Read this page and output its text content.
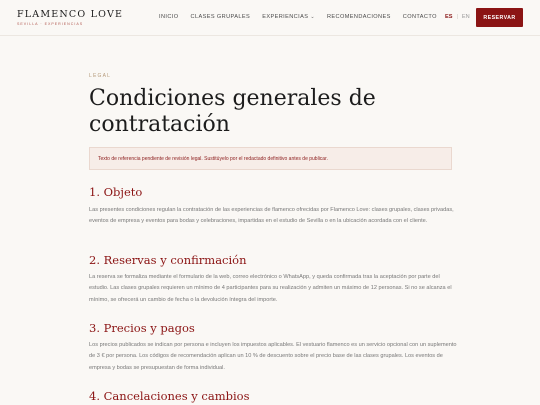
FLAMENCO LOVE
SEVILLA · EXPERIENCIAS
INICIO CLASES GRUPALES EXPERIENCIAS ⌄ RECOMENDACIONES CONTACTO ES | EN	RESERVAR
LEGAL
Condiciones generales de contratación
Texto de referencia pendiente de revisión legal. Sustitúyelo por el redactado definitivo antes de publicar.
1. Objeto

Las presentes condiciones regulan la contratación de las experiencias de flamenco ofrecidas por Flamenco Love: clases grupales, clases privadas, eventos de empresa y eventos para bodas y celebraciones, impartidas en el estudio de Sevilla o en la ubicación acordada con el cliente.

2. Reservas y confirmación

La reserva se formaliza mediante el formulario de la web, correo electrónico o WhatsApp, y queda confirmada tras la aceptación por parte del estudio. Las clases grupales requieren un mínimo de 4 participantes para su realización y admiten un máximo de 12 personas. Si no se alcanza el mínimo, se ofrecerá un cambio de fecha o la devolución íntegra del importe.

3. Precios y pagos

Los precios publicados se indican por persona e incluyen los impuestos aplicables. El vestuario flamenco es un servicio opcional con un suplemento de 3 € por persona. Los códigos de recomendación aplican un 10 % de descuento sobre el precio base de las clases grupales. Los eventos de empresa y bodas se presupuestan de forma individual.

4. Cancelaciones y cambios
